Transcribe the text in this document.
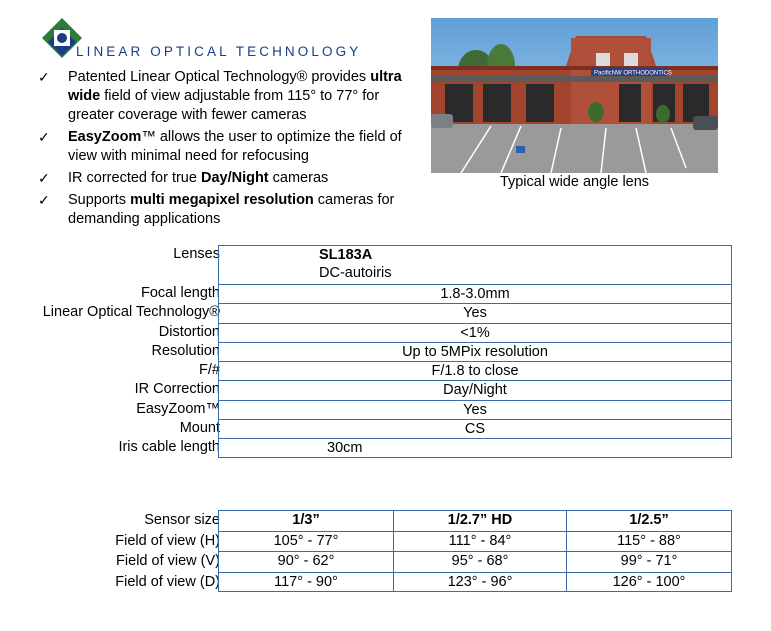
LINEAR OPTICAL TECHNOLOGY
✓ Patented Linear Optical Technology® provides ultra wide field of view adjustable from 115° to 77° for greater coverage with fewer cameras
✓ EasyZoom™ allows the user to optimize the field of view with minimal need for refocusing
✓ IR corrected for true Day/Night cameras
✓ Supports multi megapixel resolution cameras for demanding applications
PacificNW ORTHODONTICS
Typical wide angle lens
Lenses	SL183A
DC-autoiris
Focal length	1.8-3.0mm
Linear Optical Technology®	Yes
Distortion	<1%
Resolution	Up to 5MPix resolution
F/#	F/1.8 to close
IR Correction	Day/Night
EasyZoom™	Yes
Mount	CS
Iris cable length	30cm
Sensor size	1/3”	1/2.7” HD	1/2.5”
Field of view (H)	105° - 77°	111° - 84°	115° - 88°
Field of view (V)	90° - 62°	95° - 68°	99° - 71°
Field of view (D)	117° - 90°	123° - 96°	126° - 100°
